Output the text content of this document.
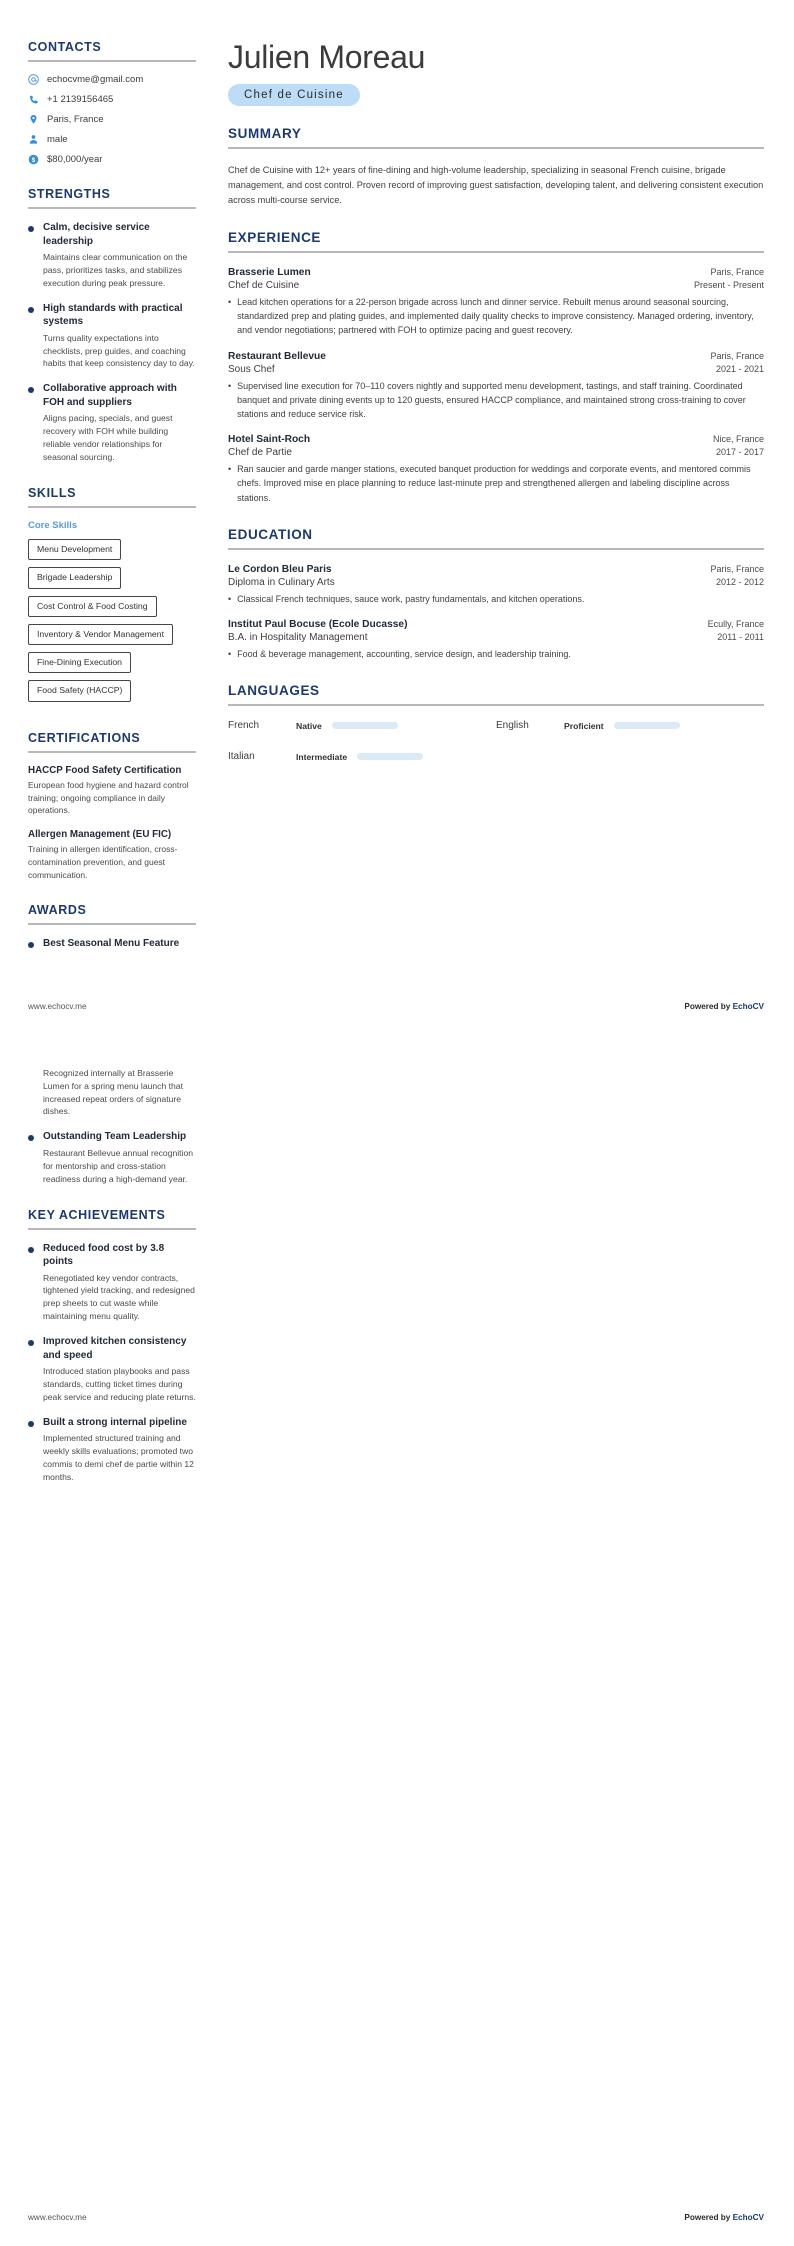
CONTACTS
echocvme@gmail.com
+1 2139156465
Paris, France
male
$ $80,000/year
STRENGTHS
Calm, decisive service leadership
Maintains clear communication on the pass, prioritizes tasks, and stabilizes execution during peak pressure.
High standards with practical systems
Turns quality expectations into checklists, prep guides, and coaching habits that keep consistency day to day.
Collaborative approach with FOH and suppliers
Aligns pacing, specials, and guest recovery with FOH while building reliable vendor relationships for seasonal sourcing.
SKILLS
Core Skills
Menu Development
Brigade Leadership
Cost Control & Food Costing
Inventory & Vendor Management
Fine-Dining Execution
Food Safety (HACCP)
CERTIFICATIONS
HACCP Food Safety Certification
European food hygiene and hazard control training; ongoing compliance in daily operations.
Allergen Management (EU FIC)
Training in allergen identification, cross-contamination prevention, and guest communication.
AWARDS
Best Seasonal Menu Feature
Julien Moreau
Chef de Cuisine
SUMMARY

Chef de Cuisine with 12+ years of fine-dining and high-volume leadership, specializing in seasonal French cuisine, brigade management, and cost control. Proven record of improving guest satisfaction, developing talent, and delivering consistent execution across multi-course service.

EXPERIENCE
Brasserie Lumen	Paris, France
Chef de Cuisine	Present - Present
• Lead kitchen operations for a 22-person brigade across lunch and dinner service. Rebuilt menus around seasonal sourcing, standardized prep and plating guides, and implemented daily quality checks to improve consistency. Managed ordering, inventory, and vendor negotiations; partnered with FOH to optimize pacing and guest recovery.
Restaurant Bellevue	Paris, France
Sous Chef	2021 - 2021
• Supervised line execution for 70–110 covers nightly and supported menu development, tastings, and staff training. Coordinated banquet and private dining events up to 120 guests, ensured HACCP compliance, and maintained strong cross-training to cover stations and reduce service risk.
Hotel Saint-Roch	Nice, France
Chef de Partie	2017 - 2017
• Ran saucier and garde manger stations, executed banquet production for weddings and corporate events, and mentored commis chefs. Improved mise en place planning to reduce last-minute prep and strengthened allergen and labeling discipline across stations.
EDUCATION
Le Cordon Bleu Paris	Paris, France
Diploma in Culinary Arts	2012 - 2012
• Classical French techniques, sauce work, pastry fundamentals, and kitchen operations.
Institut Paul Bocuse (Ecole Ducasse)	Ecully, France
B.A. in Hospitality Management	2011 - 2011
• Food & beverage management, accounting, service design, and leadership training.
LANGUAGES
French	Native	English	Proficient
Italian	Intermediate
www.echocv.me	Powered by EchoCV
Recognized internally at Brasserie Lumen for a spring menu launch that increased repeat orders of signature dishes.
Outstanding Team Leadership
Restaurant Bellevue annual recognition for mentorship and cross-station readiness during a high-demand year.
KEY ACHIEVEMENTS
Reduced food cost by 3.8 points
Renegotiated key vendor contracts, tightened yield tracking, and redesigned prep sheets to cut waste while maintaining menu quality.
Improved kitchen consistency and speed
Introduced station playbooks and pass standards, cutting ticket times during peak service and reducing plate returns.
Built a strong internal pipeline
Implemented structured training and weekly skills evaluations; promoted two commis to demi chef de partie within 12 months.
www.echocv.me	Powered by EchoCV
